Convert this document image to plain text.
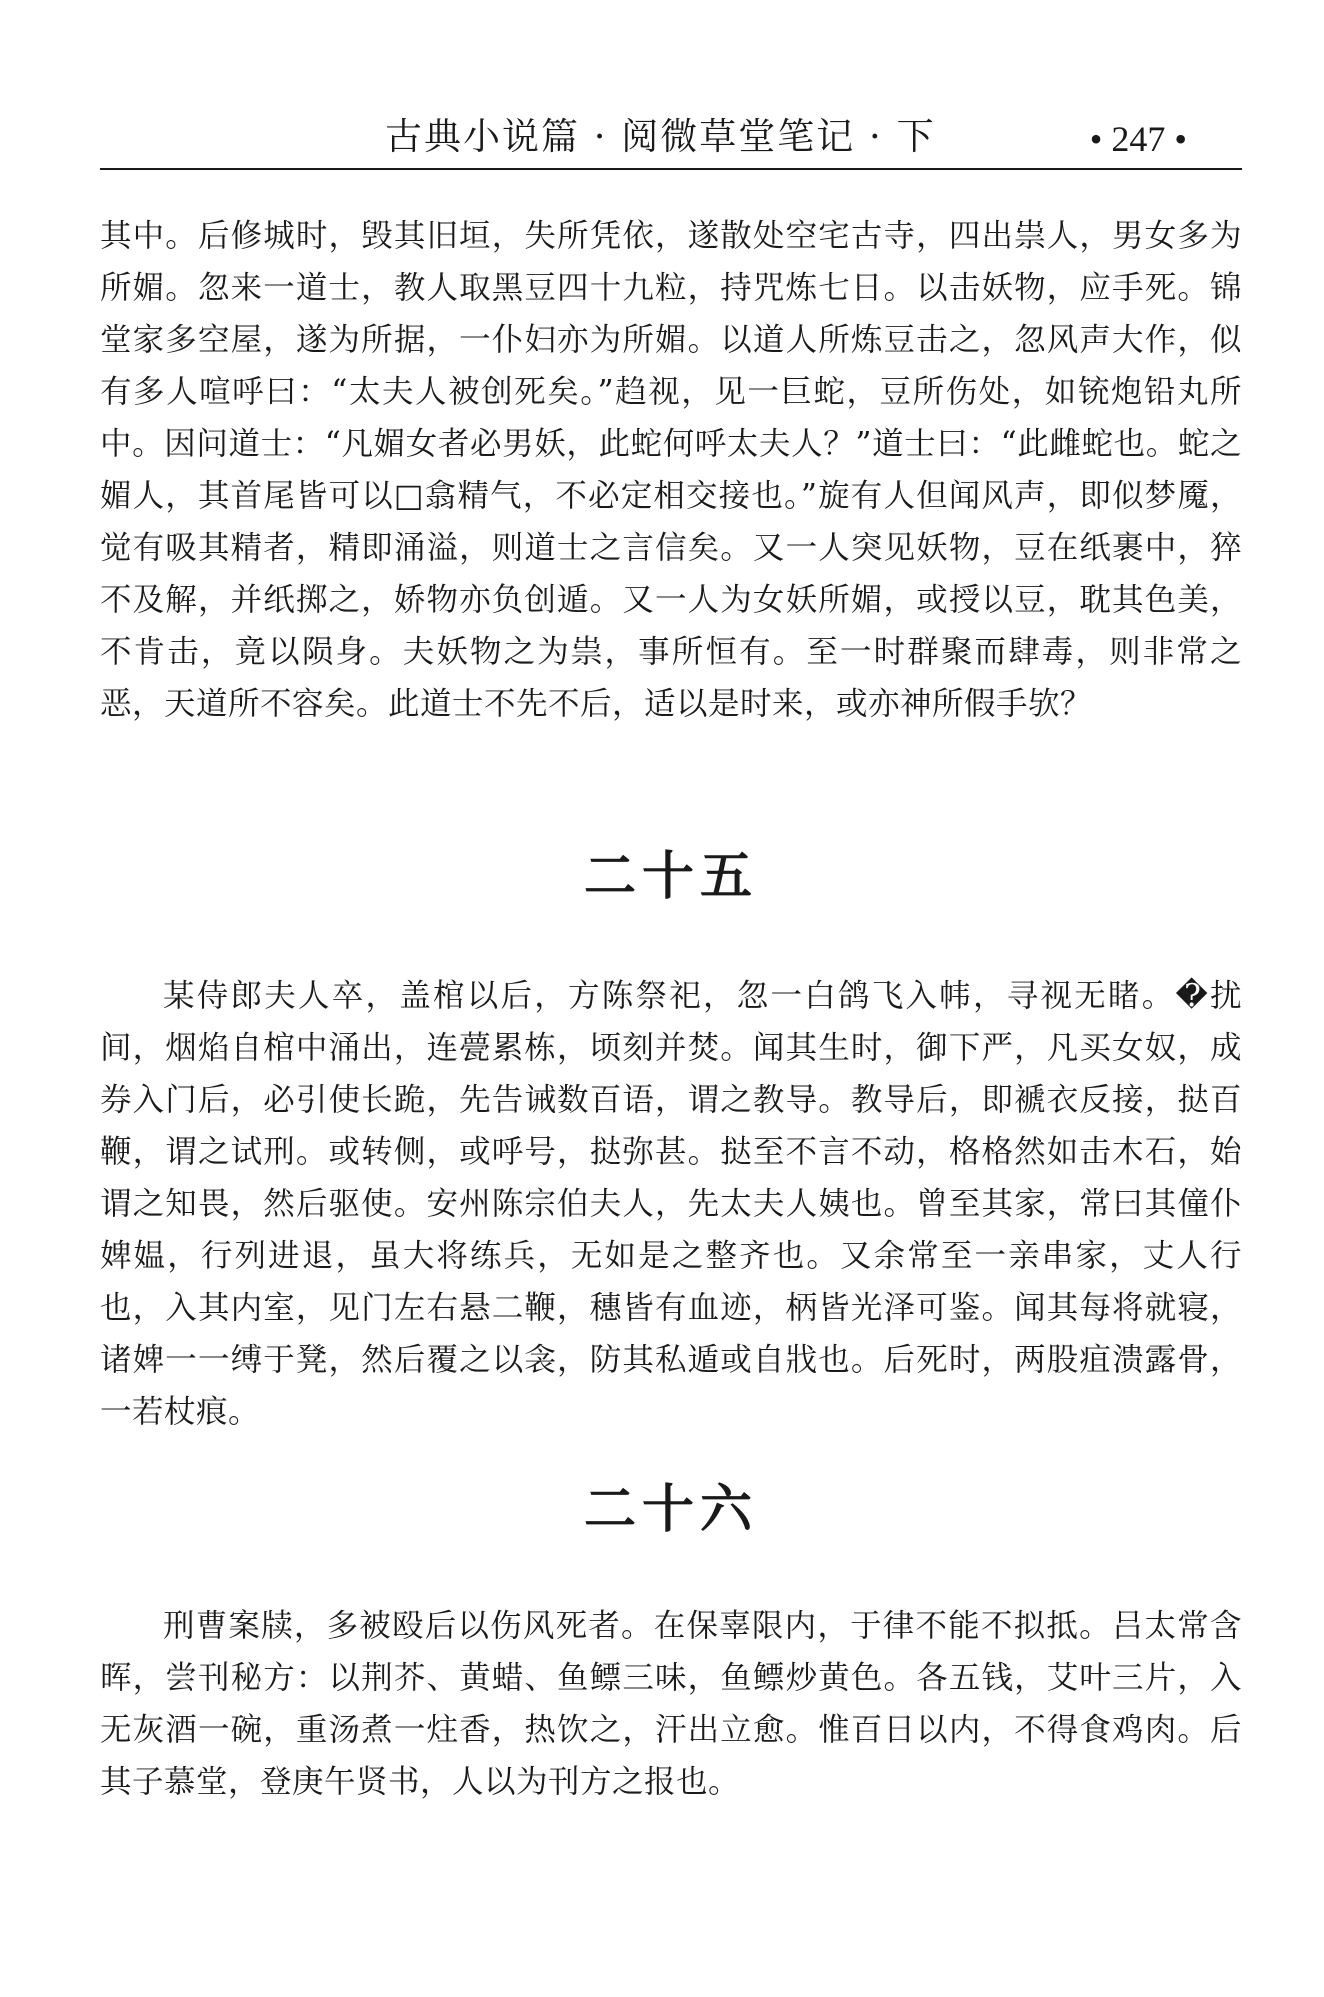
古典小说篇 · 阅微草堂笔记 · 下	• 247 •

其中。后修城时，毁其旧垣，失所凭依，遂散处空宅古寺，四出祟人，男女多为所媚。忽来一道士，教人取黑豆四十九粒，持咒炼七日。以击妖物，应手死。锦堂家多空屋，遂为所据，一仆妇亦为所媚。以道人所炼豆击之，忽风声大作，似有多人喧呼曰：“太夫人被创死矣。”趋视，见一巨蛇，豆所伤处，如铳炮铅丸所中。因问道士：“凡媚女者必男妖，此蛇何呼太夫人？”道士曰：“此雌蛇也。蛇之媚人，其首尾皆可以□翕精气，不必定相交接也。”旋有人但闻风声，即似梦魇，觉有吸其精者，精即涌溢，则道士之言信矣。又一人突见妖物，豆在纸裹中，猝不及解，并纸掷之，娇物亦负创遁。又一人为女妖所媚，或授以豆，耽其色美，不肯击，竟以陨身。夫妖物之为祟，事所恒有。至一时群聚而肆毒，则非常之恶，天道所不容矣。此道士不先不后，适以是时来，或亦神所假手欤？

二十五

某侍郎夫人卒，盖棺以后，方陈祭祀，忽一白鸽飞入帏，寻视无睹。�扰间，烟焰自棺中涌出，连甍累栋，顷刻并焚。闻其生时，御下严，凡买女奴，成券入门后，必引使长跪，先告诫数百语，谓之教导。教导后，即褫衣反接，挞百鞭，谓之试刑。或转侧，或呼号，挞弥甚。挞至不言不动，格格然如击木石，始谓之知畏，然后驱使。安州陈宗伯夫人，先太夫人姨也。曾至其家，常曰其僮仆婢媪，行列进退，虽大将练兵，无如是之整齐也。又余常至一亲串家，丈人行也，入其内室，见门左右悬二鞭，穗皆有血迹，柄皆光泽可鉴。闻其每将就寝，诸婢一一缚于凳，然后覆之以衾，防其私遁或自戕也。后死时，两股疽溃露骨，一若杖痕。

二十六

刑曹案牍，多被殴后以伤风死者。在保辜限内，于律不能不拟抵。吕太常含晖，尝刊秘方：以荆芥、黄蜡、鱼鳔三味，鱼鳔炒黄色。各五钱，艾叶三片，入无灰酒一碗，重汤煮一炷香，热饮之，汗出立愈。惟百日以内，不得食鸡肉。后其子慕堂，登庚午贤书，人以为刊方之报也。
